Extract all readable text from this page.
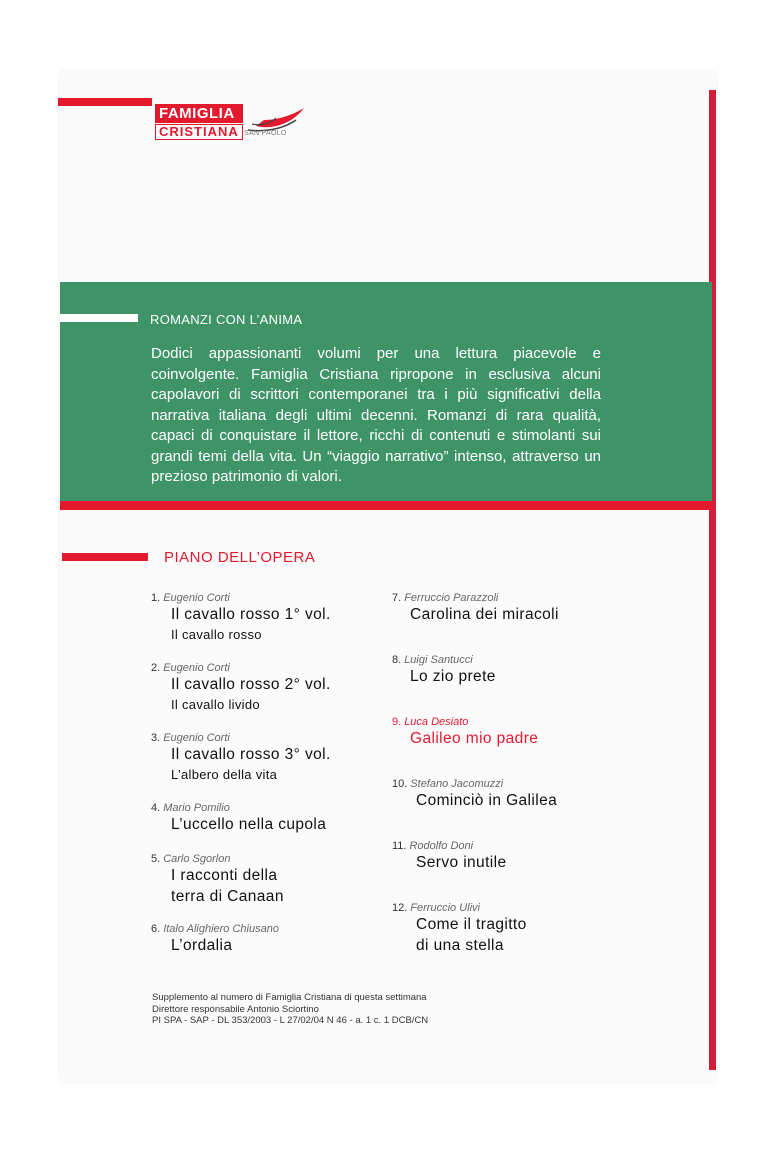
FAMIGLIA
CRISTIANA SAN PAOLO
ROMANZI CON L’ANIMA
Dodici appassionanti volumi per una lettura piacevole e coinvolgente. Famiglia Cristiana ripropone in esclusiva alcuni capolavori di scrittori contemporanei tra i più significativi della narrativa italiana degli ultimi decenni. Romanzi di rara qualità, capaci di conquistare il lettore, ricchi di contenuti e stimolanti sui grandi temi della vita. Un “viaggio narrativo” intenso, attraverso un prezioso patrimonio di valori.
PIANO DELL’OPERA
1. Eugenio Corti
Il cavallo rosso 1° vol.
Il cavallo rosso
2. Eugenio Corti
Il cavallo rosso 2° vol.
Il cavallo livido
3. Eugenio Corti
Il cavallo rosso 3° vol.
L’albero della vita
4. Mario Pomilio
L’uccello nella cupola
5. Carlo Sgorlon
I racconti della
terra di Canaan
6. Italo Alighiero Chiusano
L’ordalia
7. Ferruccio Parazzoli
Carolina dei miracoli
8. Luigi Santucci
Lo zio prete
9. Luca Desiato
Galileo mio padre
10. Stefano Jacomuzzi
Cominciò in Galilea
11. Rodolfo Doni
Servo inutile
12. Ferruccio Ulivi
Come il tragitto
di una stella
Supplemento al numero di Famiglia Cristiana di questa settimana
Direttore responsabile Antonio Sciortino
PI SPA - SAP - DL 353/2003 - L 27/02/04 N 46 - a. 1 c. 1 DCB/CN
